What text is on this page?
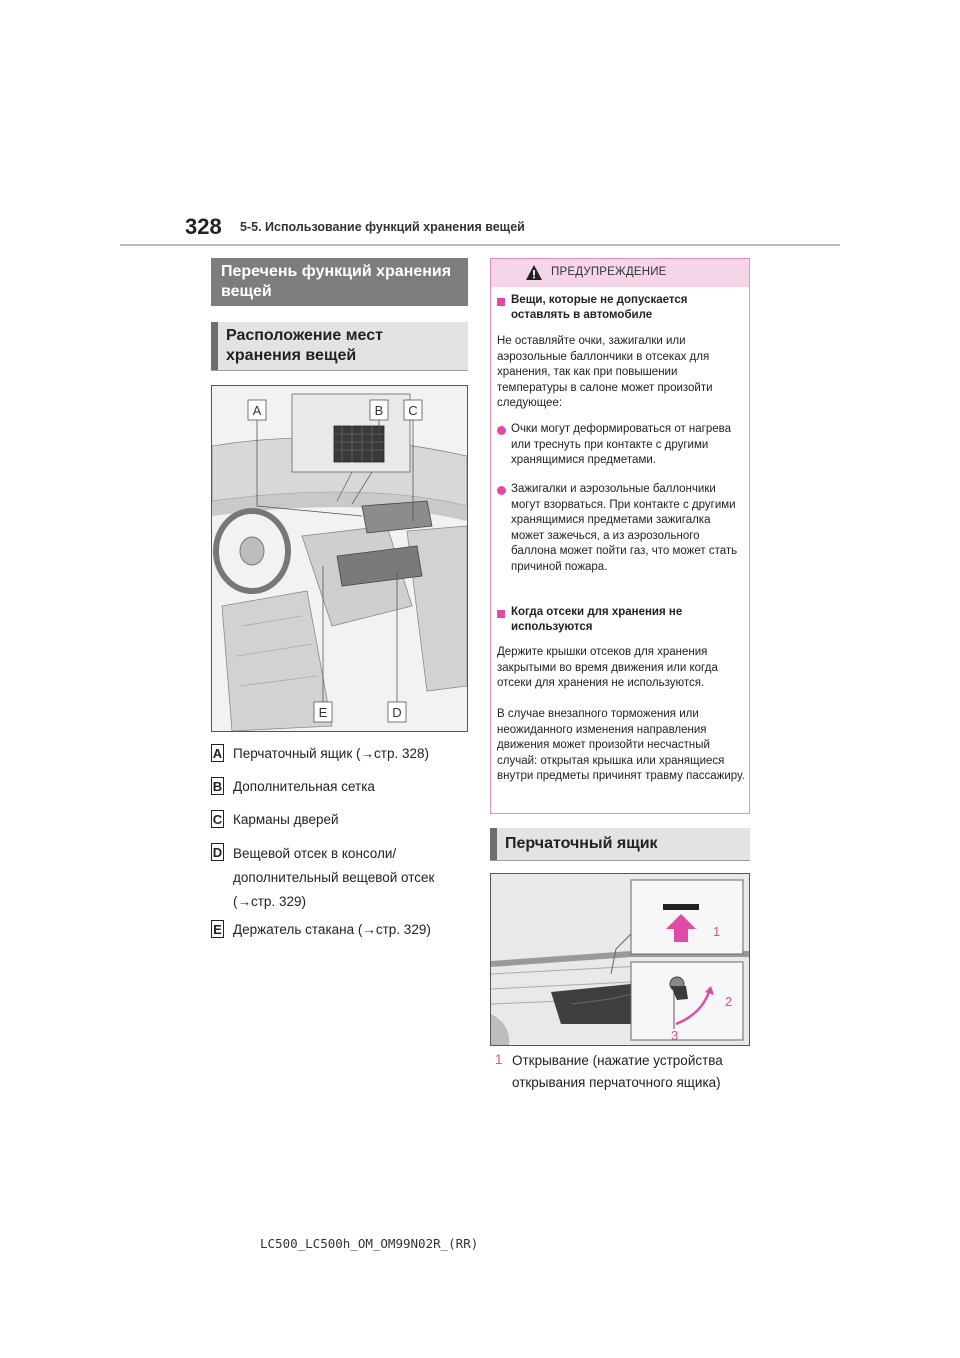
328 5-5. Использование функций хранения вещей
Перечень функций хранения вещей
Расположение мест хранения вещей
A	B C
E	D
A Перчаточный ящик (→стр. 328)
B Дополнительная сетка
C Карманы дверей
D Вещевой отсек в консоли/ дополнительный вещевой отсек (→стр. 329)
E Держатель стакана (→стр. 329)
ПРЕДУПРЕЖДЕНИЕ
Вещи, которые не допускается оставлять в автомобиле
Не оставляйте очки, зажигалки или аэрозольные баллончики в отсеках для хранения, так как при повышении температуры в салоне может произойти следующее:
Очки могут деформироваться от нагрева или треснуть при контакте с другими хранящимися предметами.
Зажигалки и аэрозольные баллончики могут взорваться. При контакте с другими хранящимися предметами зажигалка может зажечься, а из аэрозольного баллона может пойти газ, что может стать причиной пожара.
Когда отсеки для хранения не используются
Держите крышки отсеков для хранения закрытыми во время движения или когда отсеки для хранения не используются.
В случае внезапного торможения или неожиданного изменения направления движения может произойти несчастный случай: открытая крышка или хранящиеся внутри предметы причинят травму пассажиру.
Перчаточный ящик
1
2
3
1 Открывание (нажатие устройства открывания перчаточного ящика)
LC500_LC500h_OM_OM99N02R_(RR)
